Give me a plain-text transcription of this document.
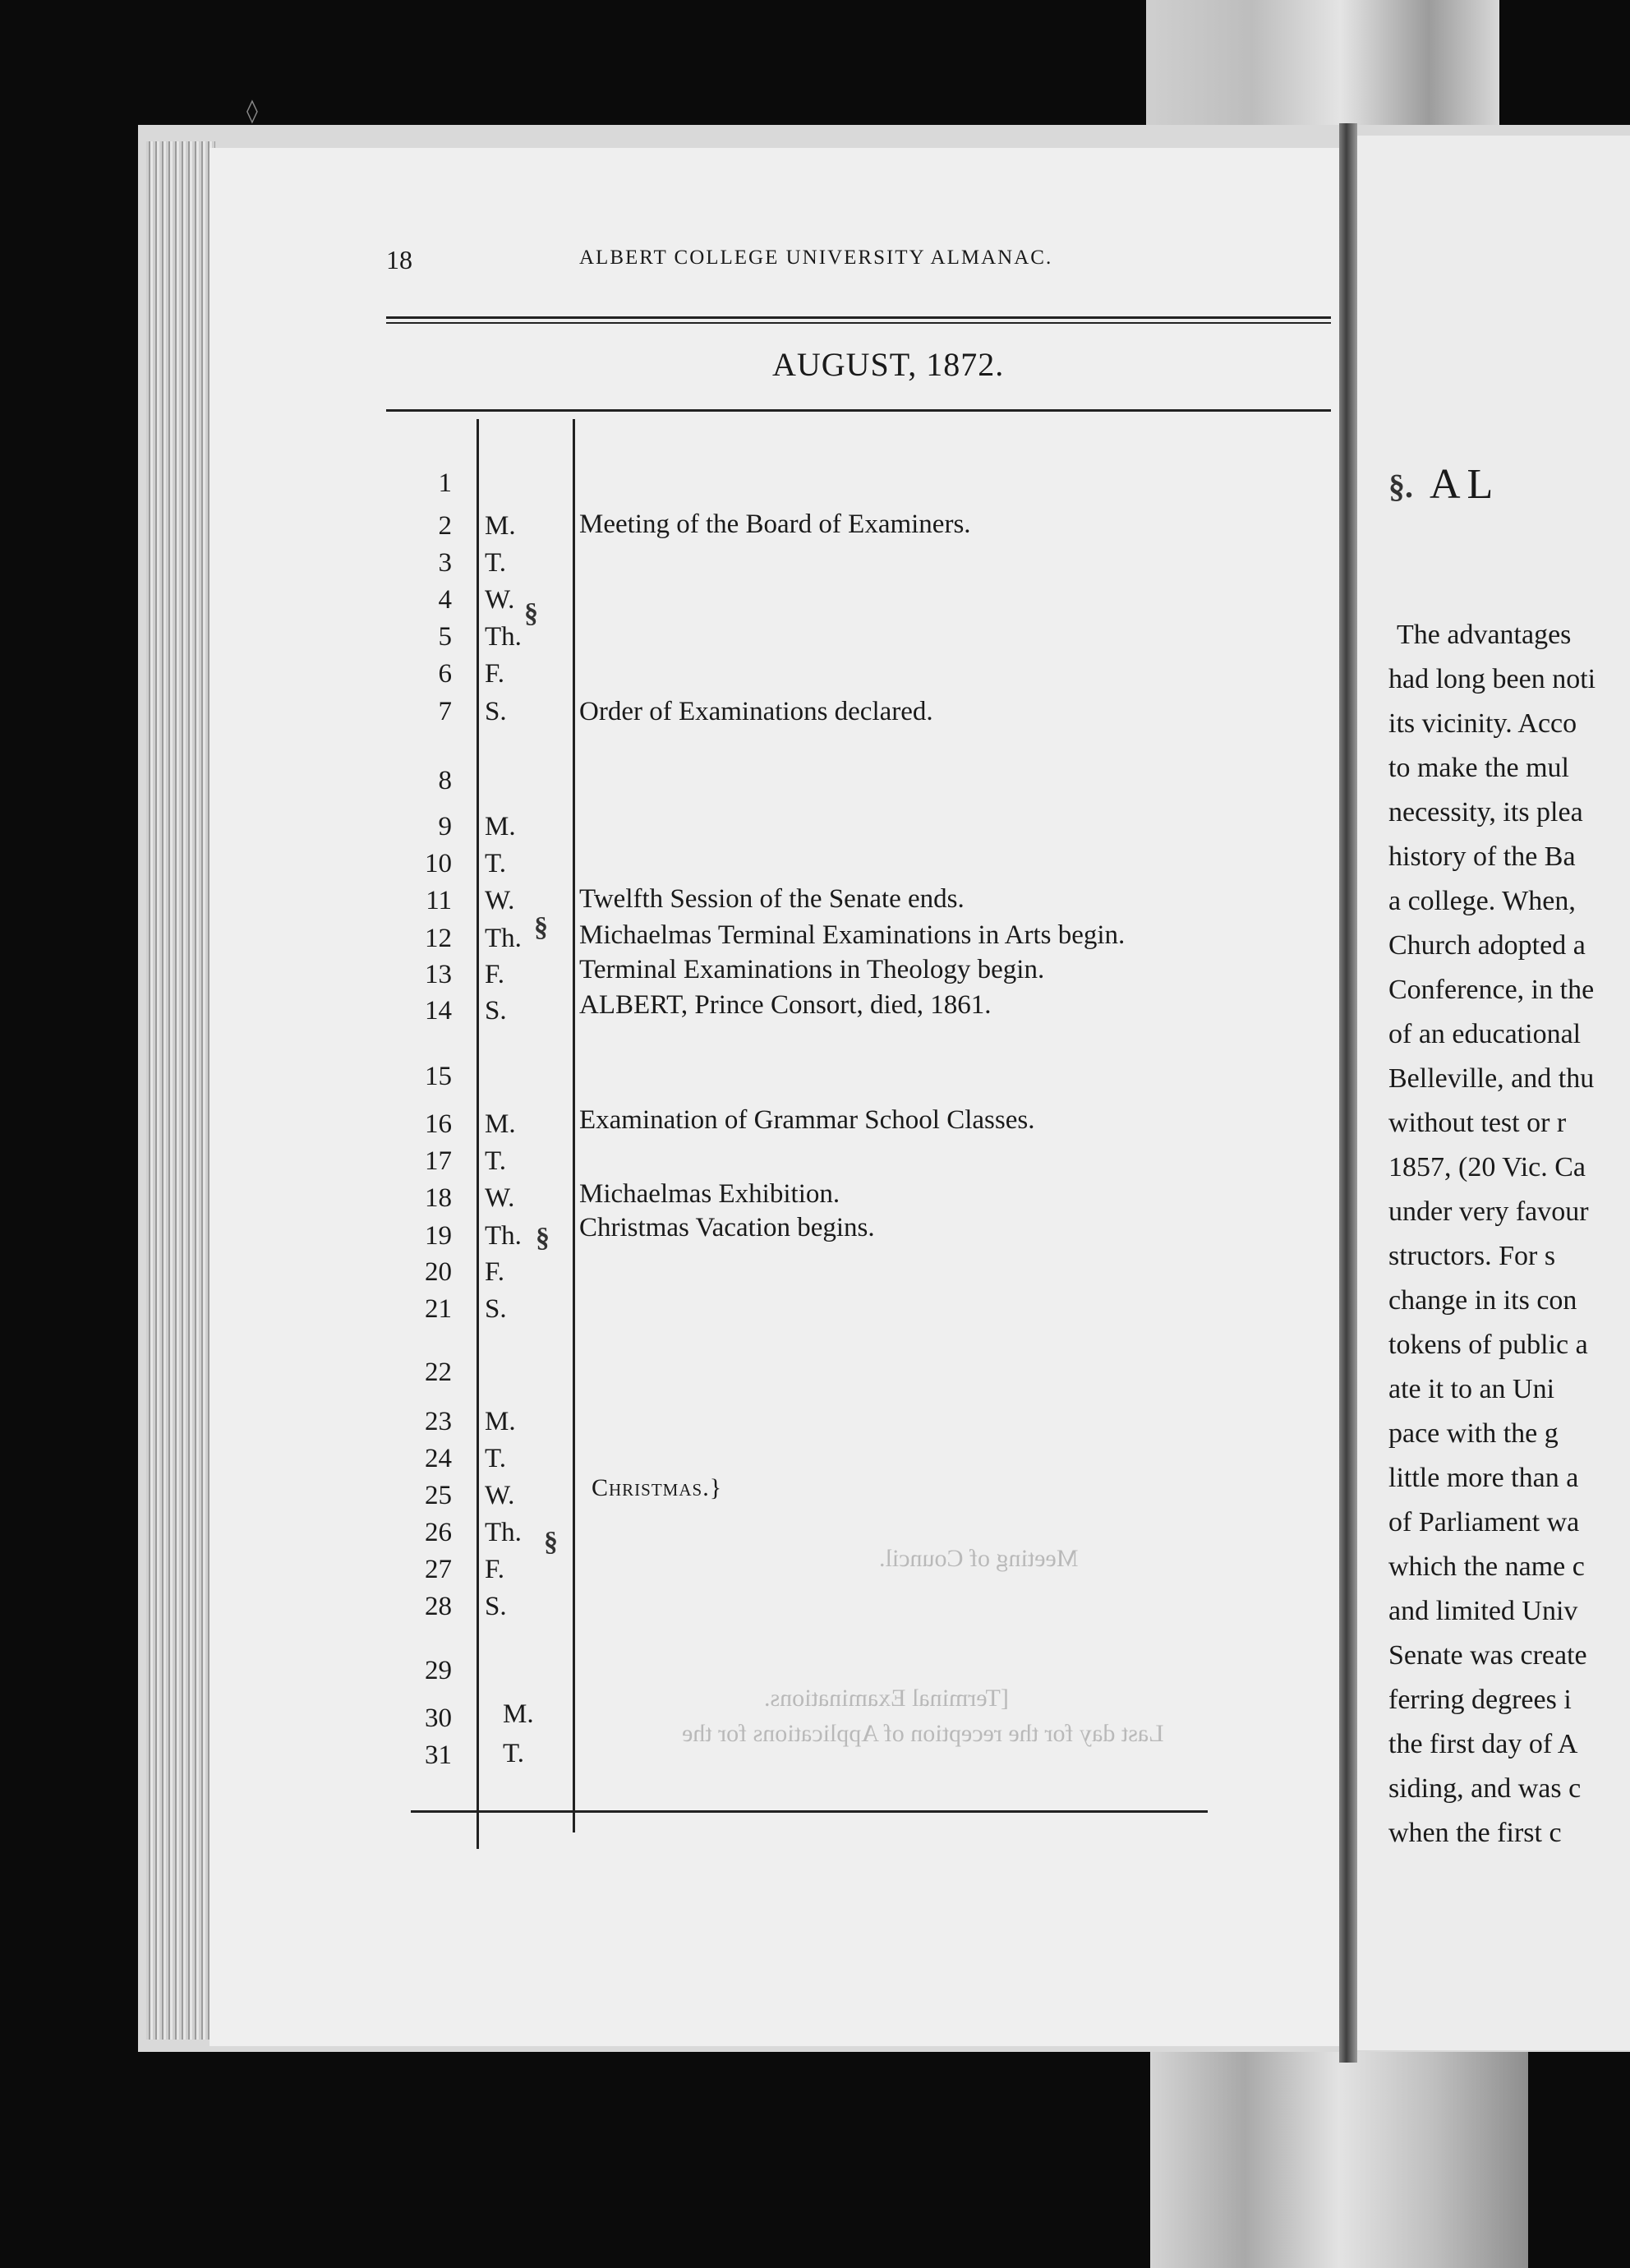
◊
18	ALBERT COLLEGE UNIVERSITY ALMANAC.
AUGUST, 1872.
1
2 M. Meeting of the Board of Examiners.
3 T.
4 W.
5 Th.
6 F.
7 S.	Order of Examinations declared.
8
9 M.
10 T.
11 W. Twelfth Session of the Senate ends.
12 Th. Michaelmas Terminal Examinations in Arts begin.
13 F.	Terminal Examinations in Theology begin.
14 S.	ALBERT, Prince Consort, died, 1861.
15
16 M. Examination of Grammar School Classes.
17 T.
18 W. Michaelmas Exhibition.
19 Th. Christmas Vacation begins.
20 F.
21 S.
22
23 M.
24 T.
25 W.	Christmas.}
26 Th.
27 F.
28 S.
29
30 M.
31 T.
§
§
§
§
Meeting of Council.
[Terminal Examinations.
Last day for the reception of Applications for the
§. AL
The advantages
had long been noti
its vicinity. Acco
to make the mul
necessity, its plea
history of the Ba
a college. When,
Church adopted a
Conference, in the
of an educational
Belleville, and thu
without test or r
1857, (20 Vic. Ca
under very favour
structors. For s
change in its con
tokens of public a
ate it to an Uni
pace with the g
little more than a
of Parliament wa
which the name c
and limited Univ
Senate was create
ferring degrees i
the first day of A
siding, and was c
when the first c
